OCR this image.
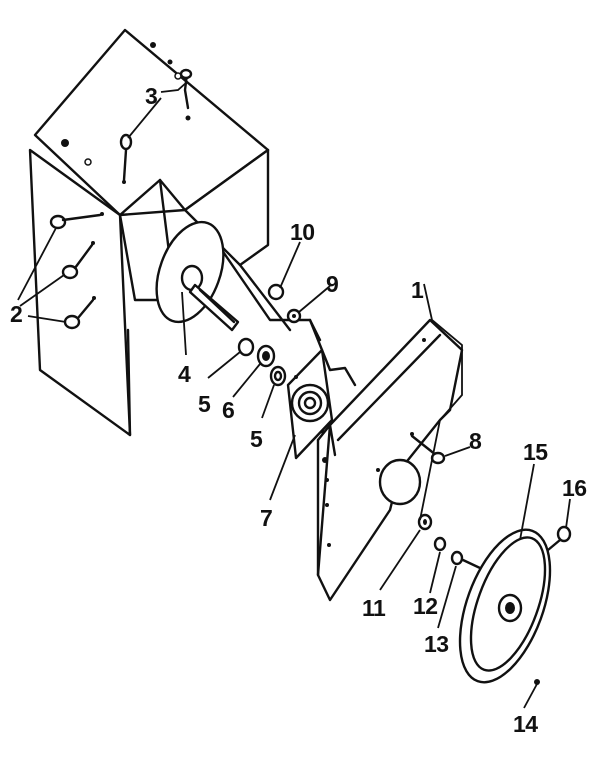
1
2
3
4
5 6
5
7
8
9
10
11 12
13
14
15
16
